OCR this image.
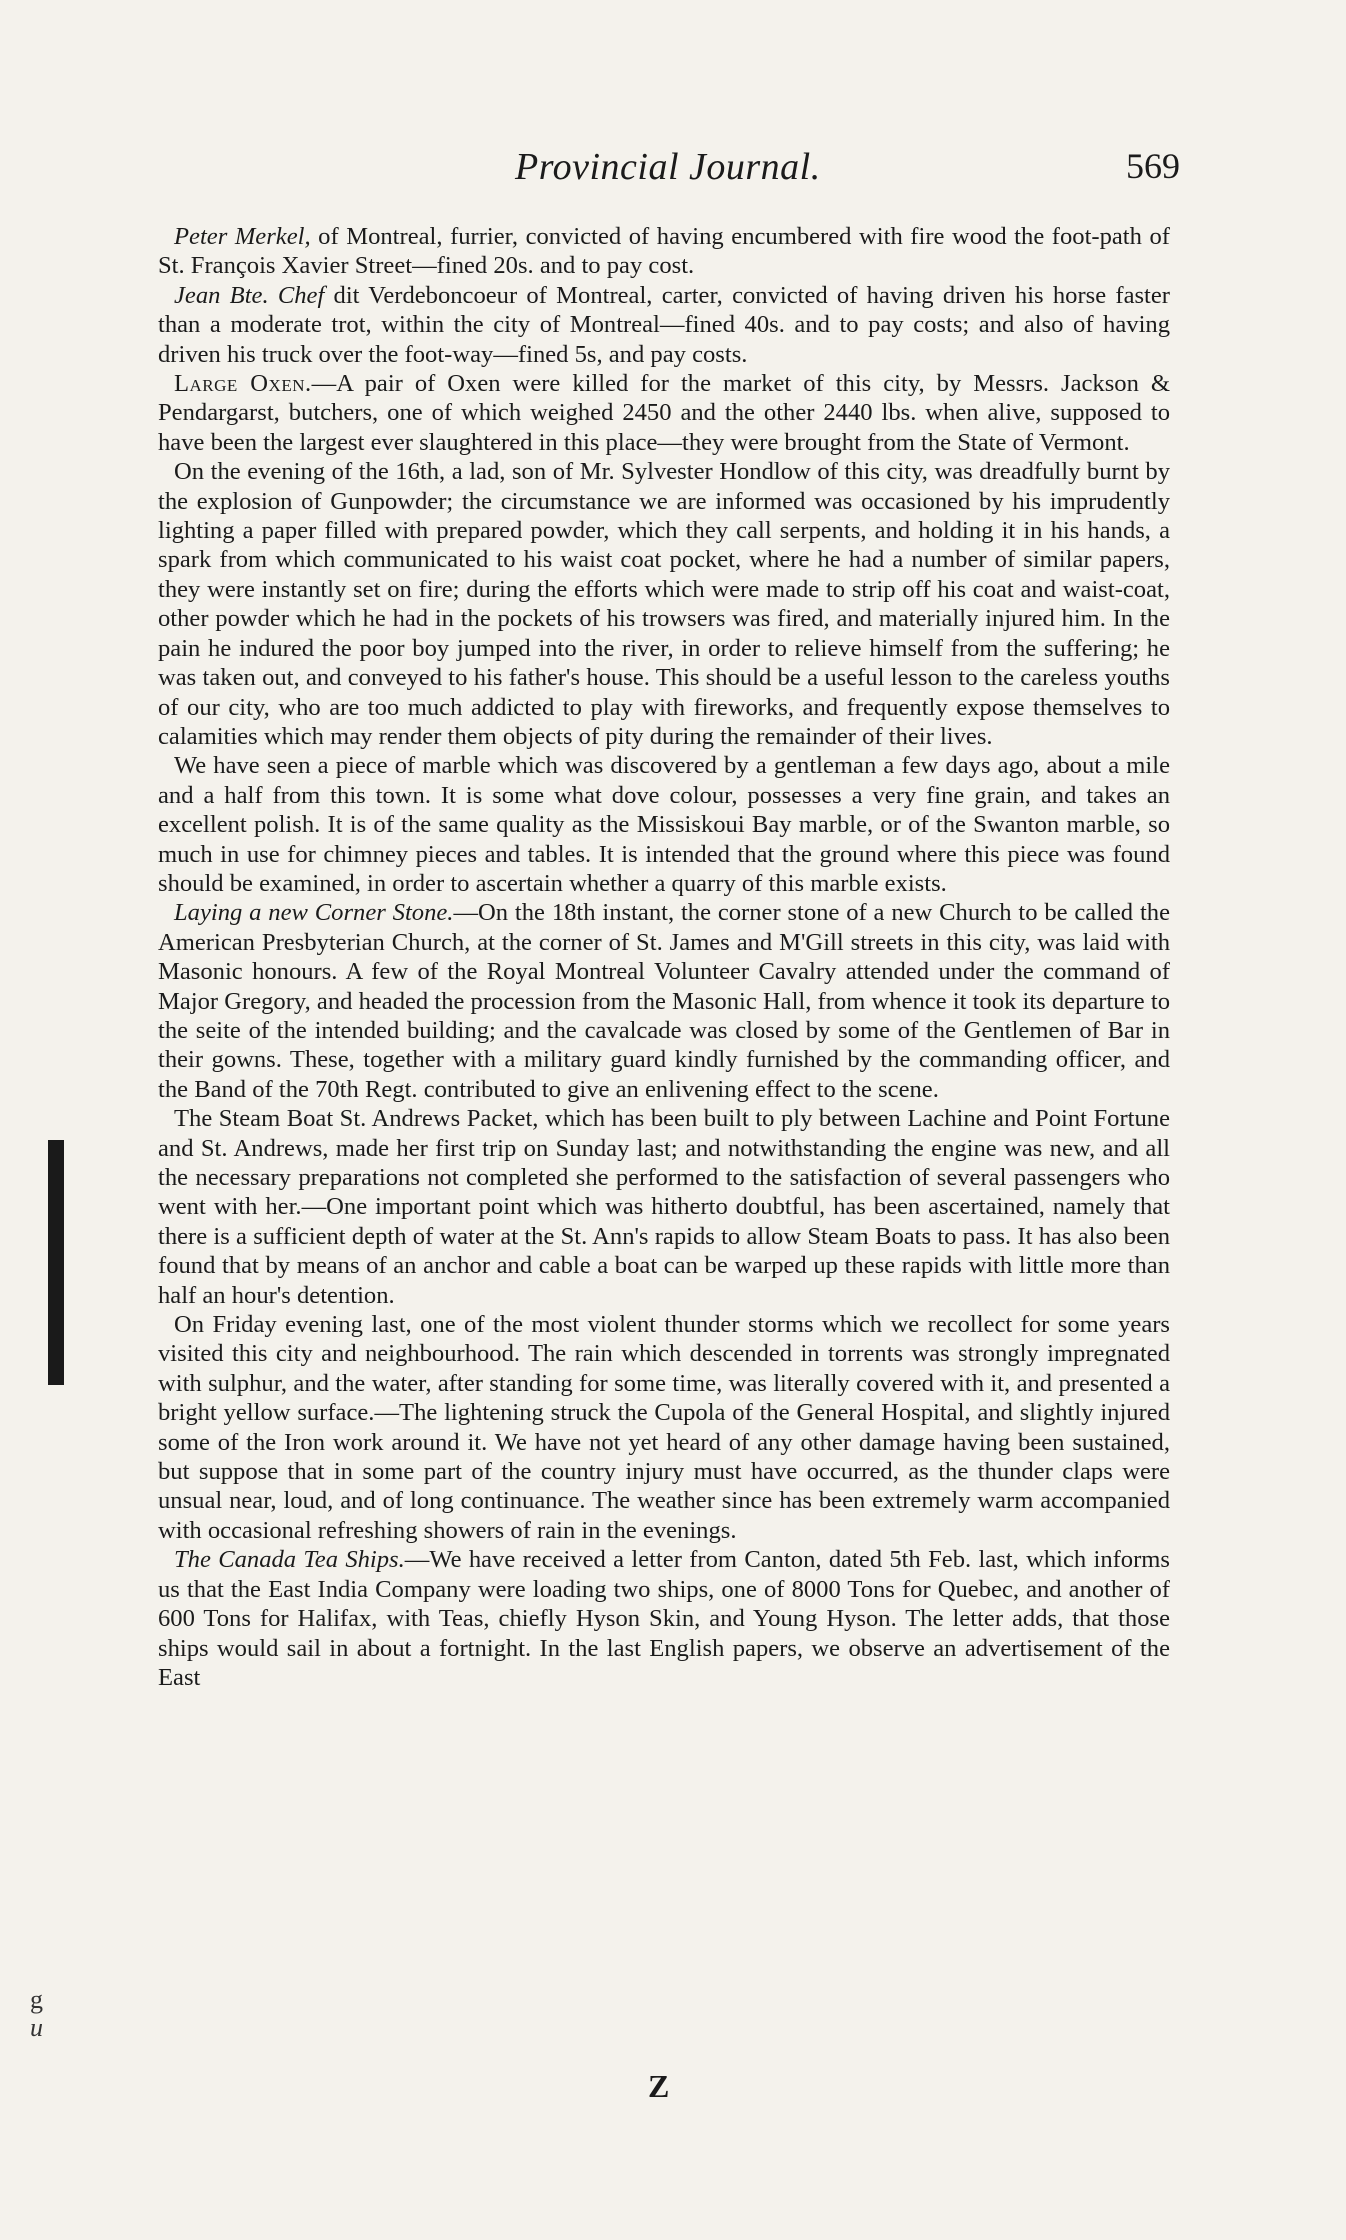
Provincial Journal.	569
g
u

Peter Merkel, of Montreal, furrier, convicted of having encumbered with fire wood the foot-path of St. François Xavier Street—fined 20s. and to pay cost.

Jean Bte. Chef dit Verdeboncoeur of Montreal, carter, convicted of having driven his horse faster than a moderate trot, within the city of Montreal—fined 40s. and to pay costs; and also of having driven his truck over the foot-way—fined 5s, and pay costs.

Large Oxen.—A pair of Oxen were killed for the market of this city, by Messrs. Jackson & Pendargarst, butchers, one of which weighed 2450 and the other 2440 lbs. when alive, supposed to have been the largest ever slaughtered in this place—they were brought from the State of Vermont.

On the evening of the 16th, a lad, son of Mr. Sylvester Hondlow of this city, was dreadfully burnt by the explosion of Gunpowder; the circumstance we are informed was occasioned by his imprudently lighting a paper filled with prepared powder, which they call serpents, and holding it in his hands, a spark from which communicated to his waist coat pocket, where he had a number of similar papers, they were instantly set on fire; during the efforts which were made to strip off his coat and waist-coat, other powder which he had in the pockets of his trowsers was fired, and materially injured him. In the pain he indured the poor boy jumped into the river, in order to relieve himself from the suffering; he was taken out, and conveyed to his father's house. This should be a useful lesson to the careless youths of our city, who are too much addicted to play with fireworks, and frequently expose themselves to calamities which may render them objects of pity during the remainder of their lives.

We have seen a piece of marble which was discovered by a gentleman a few days ago, about a mile and a half from this town. It is some what dove colour, possesses a very fine grain, and takes an excellent polish. It is of the same quality as the Missiskoui Bay marble, or of the Swanton marble, so much in use for chimney pieces and tables. It is intended that the ground where this piece was found should be examined, in order to ascertain whether a quarry of this marble exists.

Laying a new Corner Stone.—On the 18th instant, the corner stone of a new Church to be called the American Presbyterian Church, at the corner of St. James and M'Gill streets in this city, was laid with Masonic honours. A few of the Royal Montreal Volunteer Cavalry attended under the command of Major Gregory, and headed the procession from the Masonic Hall, from whence it took its departure to the seite of the intended building; and the cavalcade was closed by some of the Gentlemen of Bar in their gowns. These, together with a military guard kindly furnished by the commanding officer, and the Band of the 70th Regt. contributed to give an enlivening effect to the scene.

The Steam Boat St. Andrews Packet, which has been built to ply between Lachine and Point Fortune and St. Andrews, made her first trip on Sunday last; and notwithstanding the engine was new, and all the necessary preparations not completed she performed to the satisfaction of several passengers who went with her.—One important point which was hitherto doubtful, has been ascertained, namely that there is a sufficient depth of water at the St. Ann's rapids to allow Steam Boats to pass. It has also been found that by means of an anchor and cable a boat can be warped up these rapids with little more than half an hour's detention.

On Friday evening last, one of the most violent thunder storms which we recollect for some years visited this city and neighbourhood. The rain which descended in torrents was strongly impregnated with sulphur, and the water, after standing for some time, was literally covered with it, and presented a bright yellow surface.—The lightening struck the Cupola of the General Hospital, and slightly injured some of the Iron work around it. We have not yet heard of any other damage having been sustained, but suppose that in some part of the country injury must have occurred, as the thunder claps were unsual near, loud, and of long continuance. The weather since has been extremely warm accompanied with occasional refreshing showers of rain in the evenings.

The Canada Tea Ships.—We have received a letter from Canton, dated 5th Feb. last, which informs us that the East India Company were loading two ships, one of 8000 Tons for Quebec, and another of 600 Tons for Halifax, with Teas, chiefly Hyson Skin, and Young Hyson. The letter adds, that those ships would sail in about a fortnight. In the last English papers, we observe an advertisement of the East

Z
